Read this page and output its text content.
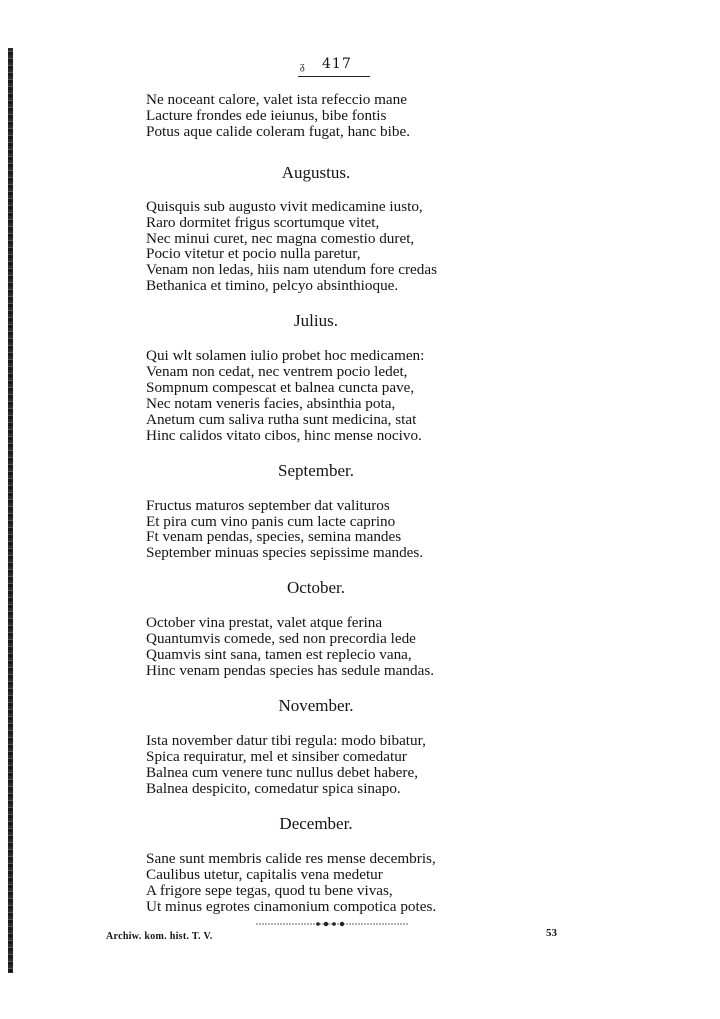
ᵹ 417
Ne noceant calore, valet ista refeccio mane
Lacture frondes ede ieiunus, bibe fontis
Potus aque calide coleram fugat, hanc bibe.
Augustus.
Quisquis sub augusto vivit medicamine iusto,
Raro dormitet frigus scortumque vitet,
Nec minui curet, nec magna comestio duret,
Pocio vitetur et pocio nulla paretur,
Venam non ledas, hiis nam utendum fore credas
Bethanica et timino, pelcyo absinthioque.
Julius.
Qui wlt solamen iulio probet hoc medicamen:
Venam non cedat, nec ventrem pocio ledet,
Sompnum compescat et balnea cuncta pave,
Nec notam veneris facies, absinthia pota,
Anetum cum saliva rutha sunt medicina, stat
Hinc calidos vitato cibos, hinc mense nocivo.
September.
Fructus maturos september dat valituros
Et pira cum vino panis cum lacte caprino
Ft venam pendas, species, semina mandes
September minuas species sepissime mandes.
October.
October vina prestat, valet atque ferina
Quantumvis comede, sed non precordia lede
Quamvis sint sana, tamen est replecio vana,
Hinc venam pendas species has sedule mandas.
November.
Ista november datur tibi regula: modo bibatur,
Spica requiratur, mel et sinsiber comedatur
Balnea cum venere tunc nullus debet habere,
Balnea despicito, comedatur spica sinapo.
December.
Sane sunt membris calide res mense decembris,
Caulibus utetur, capitalis vena medetur
A frigore sepe tegas, quod tu bene vivas,
Ut minus egrotes cinamonium compotica potes.
Archiw. kom. hist. T. V.	53
